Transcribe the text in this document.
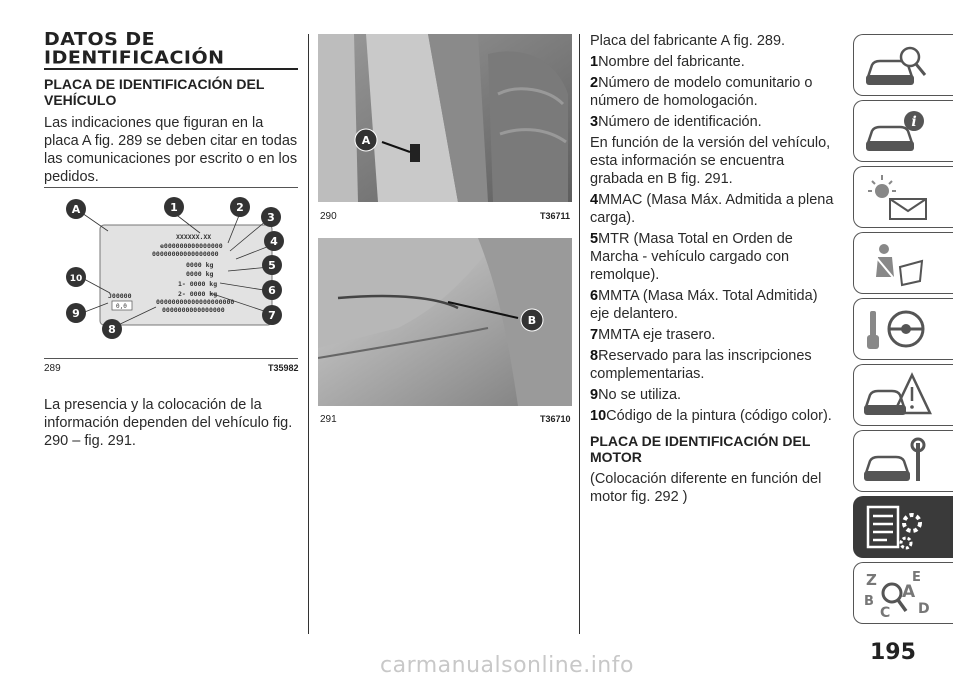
DATOS DE
IDENTIFICACIÓN
PLACA DE IDENTIFICACIÓN DEL VEHÍCULO
Las indicaciones que figuran en la placa A fig. 289 se deben citar en todas las comunicaciones por escrito o en los pedidos.
XXXXXX.XX
e000000000000000
00000000000000000
0000 kg
0000 kg
1- 0000 kg
2- 0000 kg
00000000000000000000
0000000000000000
J00000
0,0
A	1	2
3
4
5
6
7
8
9
10
289	T35982
La presencia y la colocación de la información dependen del vehículo fig. 290 – fig. 291.
A
290	T36711
B
291	T36710
Placa del fabricante A fig. 289.
1Nombre del fabricante.
2Número de modelo comunitario o número de homologación.
3Número de identificación.
En función de la versión del vehículo, esta información se encuentra grabada en B fig. 291.
4MMAC (Masa Máx. Admitida a plena carga).
5MTR (Masa Total en Orden de Marcha - vehículo cargado con remolque).
6MMTA (Masa Máx. Total Admitida) eje delantero.
7MMTA eje trasero.
8Reservado para las inscripciones complementarias.
9No se utiliza.
10Código de la pintura (código color).
PLACA DE IDENTIFICACIÓN DEL MOTOR
(Colocación diferente en función del motor fig. 292 )
i
Z	E
A
B
C D
195
carmanualsonline.info
